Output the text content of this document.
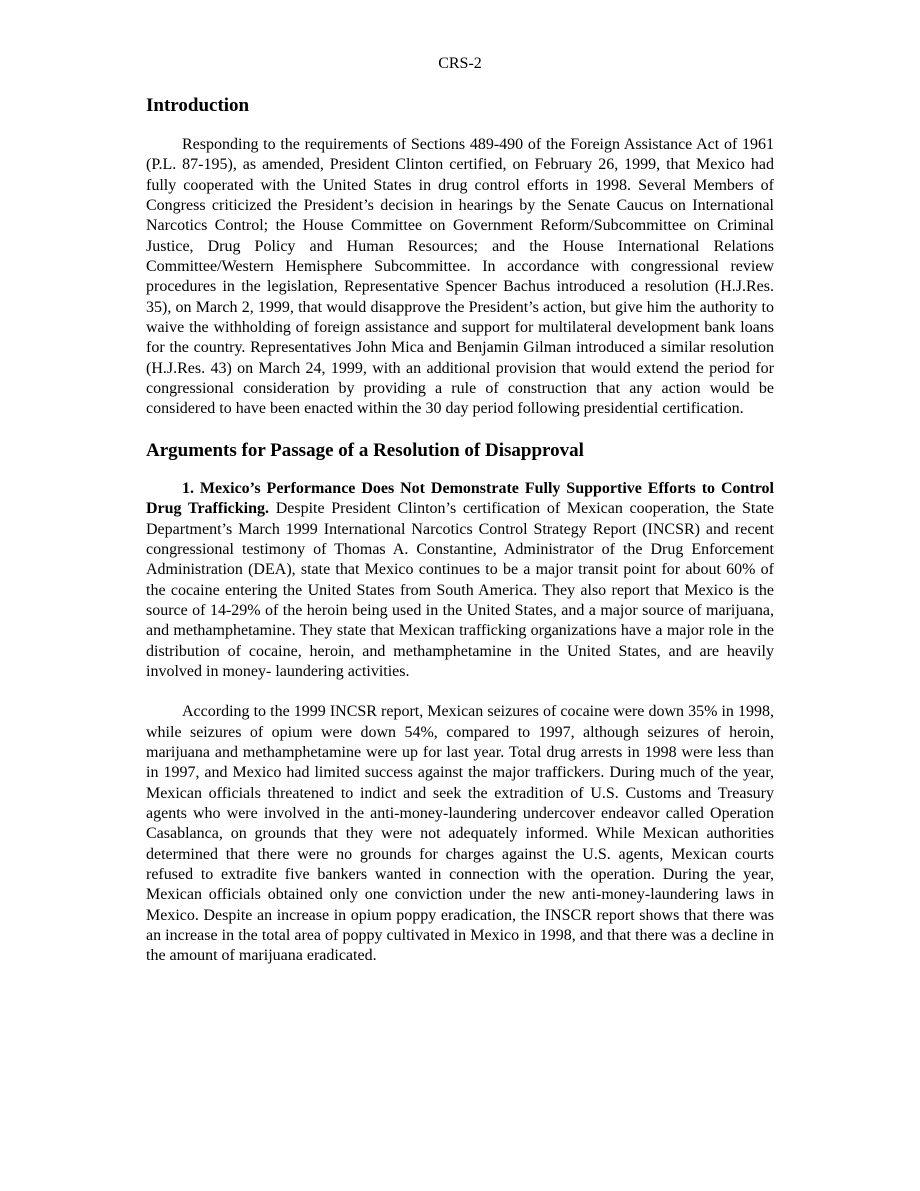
CRS-2
Introduction

Responding to the requirements of Sections 489-490 of the Foreign Assistance Act of 1961 (P.L. 87-195), as amended, President Clinton certified, on February 26, 1999, that Mexico had fully cooperated with the United States in drug control efforts in 1998. Several Members of Congress criticized the President’s decision in hearings by the Senate Caucus on International Narcotics Control; the House Committee on Government Reform/Subcommittee on Criminal Justice, Drug Policy and Human Resources; and the House International Relations Committee/Western Hemisphere Subcommittee. In accordance with congressional review procedures in the legislation, Representative Spencer Bachus introduced a resolution (H.J.Res. 35), on March 2, 1999, that would disapprove the President’s action, but give him the authority to waive the withholding of foreign assistance and support for multilateral development bank loans for the country. Representatives John Mica and Benjamin Gilman introduced a similar resolution (H.J.Res. 43) on March 24, 1999, with an additional provision that would extend the period for congressional consideration by providing a rule of construction that any action would be considered to have been enacted within the 30 day period following presidential certification.

Arguments for Passage of a Resolution of Disapproval

1. Mexico’s Performance Does Not Demonstrate Fully Supportive Efforts to Control Drug Trafficking. Despite President Clinton’s certification of Mexican cooperation, the State Department’s March 1999 International Narcotics Control Strategy Report (INCSR) and recent congressional testimony of Thomas A. Constantine, Administrator of the Drug Enforcement Administration (DEA), state that Mexico continues to be a major transit point for about 60% of the cocaine entering the United States from South America. They also report that Mexico is the source of 14-29% of the heroin being used in the United States, and a major source of marijuana, and methamphetamine. They state that Mexican trafficking organizations have a major role in the distribution of cocaine, heroin, and methamphetamine in the United States, and are heavily involved in money- laundering activities.

According to the 1999 INCSR report, Mexican seizures of cocaine were down 35% in 1998, while seizures of opium were down 54%, compared to 1997, although seizures of heroin, marijuana and methamphetamine were up for last year. Total drug arrests in 1998 were less than in 1997, and Mexico had limited success against the major traffickers. During much of the year, Mexican officials threatened to indict and seek the extradition of U.S. Customs and Treasury agents who were involved in the anti-money-laundering undercover endeavor called Operation Casablanca, on grounds that they were not adequately informed. While Mexican authorities determined that there were no grounds for charges against the U.S. agents, Mexican courts refused to extradite five bankers wanted in connection with the operation. During the year, Mexican officials obtained only one conviction under the new anti-money-laundering laws in Mexico. Despite an increase in opium poppy eradication, the INSCR report shows that there was an increase in the total area of poppy cultivated in Mexico in 1998, and that there was a decline in the amount of marijuana eradicated.
